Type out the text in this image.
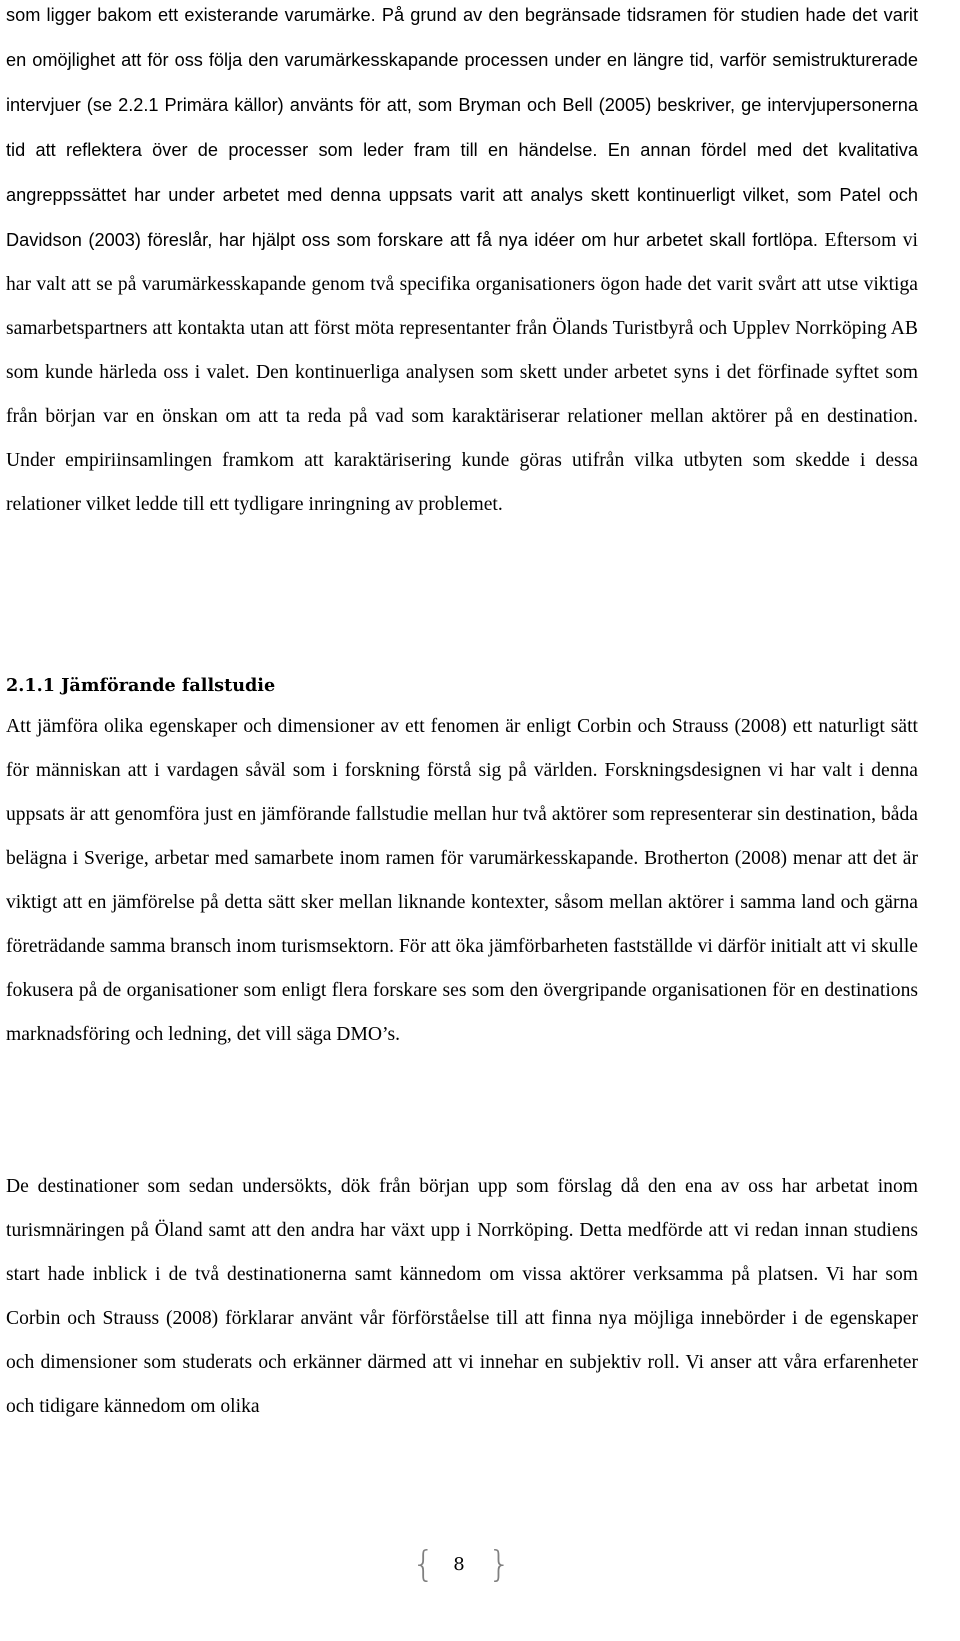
som ligger bakom ett existerande varumärke. På grund av den begränsade tidsramen för studien hade det varit en omöjlighet att för oss följa den varumärkesskapande processen under en längre tid, varför semistrukturerade intervjuer (se 2.2.1 Primära källor) använts för att, som Bryman och Bell (2005) beskriver, ge intervjupersonerna tid att reflektera över de processer som leder fram till en händelse. En annan fördel med det kvalitativa angreppssättet har under arbetet med denna uppsats varit att analys skett kontinuerligt vilket, som Patel och Davidson (2003) föreslår, har hjälpt oss som forskare att få nya idéer om hur arbetet skall fortlöpa. Eftersom vi har valt att se på varumärkesskapande genom två specifika organisationers ögon hade det varit svårt att utse viktiga samarbetspartners att kontakta utan att först möta representanter från Ölands Turistbyrå och Upplev Norrköping AB som kunde härleda oss i valet. Den kontinuerliga analysen som skett under arbetet syns i det förfinade syftet som från början var en önskan om att ta reda på vad som karaktäriserar relationer mellan aktörer på en destination. Under empiriinsamlingen framkom att karaktärisering kunde göras utifrån vilka utbyten som skedde i dessa relationer vilket ledde till ett tydligare inringning av problemet.

2.1.1 Jämförande fallstudie

Att jämföra olika egenskaper och dimensioner av ett fenomen är enligt Corbin och Strauss (2008) ett naturligt sätt för människan att i vardagen såväl som i forskning förstå sig på världen. Forskningsdesignen vi har valt i denna uppsats är att genomföra just en jämförande fallstudie mellan hur två aktörer som representerar sin destination, båda belägna i Sverige, arbetar med samarbete inom ramen för varumärkesskapande. Brotherton (2008) menar att det är viktigt att en jämförelse på detta sätt sker mellan liknande kontexter, såsom mellan aktörer i samma land och gärna företrädande samma bransch inom turismsektorn. För att öka jämförbarheten fastställde vi därför initialt att vi skulle fokusera på de organisationer som enligt flera forskare ses som den övergripande organisationen för en destinations marknadsföring och ledning, det vill säga DMO’s.

De destinationer som sedan undersökts, dök från början upp som förslag då den ena av oss har arbetat inom turismnäringen på Öland samt att den andra har växt upp i Norrköping. Detta medförde att vi redan innan studiens start hade inblick i de två destinationerna samt kännedom om vissa aktörer verksamma på platsen. Vi har som Corbin och Strauss (2008) förklarar använt vår förförståelse till att finna nya möjliga innebörder i de egenskaper och dimensioner som studerats och erkänner därmed att vi innehar en subjektiv roll. Vi anser att våra erfarenheter och tidigare kännedom om olika

{	8 }
